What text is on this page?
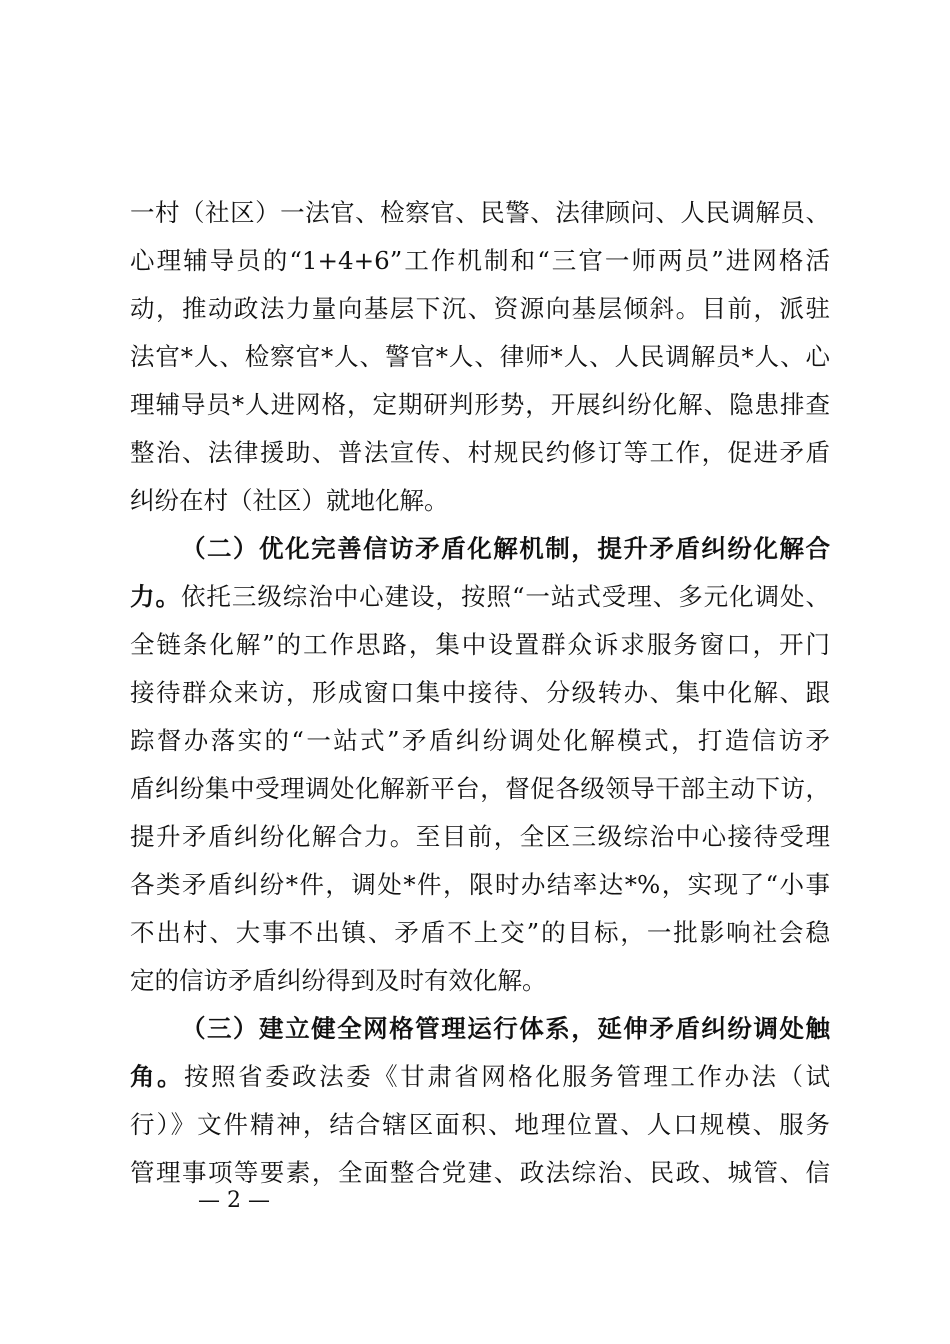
一村（社区）一法官、检察官、民警、法律顾问、人民调解员、
心理辅导员的“1+4+6”工作机制和“三官一师两员”进网格活
动，推动政法力量向基层下沉、资源向基层倾斜。目前，派驻
法官*人、检察官*人、警官*人、律师*人、人民调解员*人、心
理辅导员*人进网格，定期研判形势，开展纠纷化解、隐患排查
整治、法律援助、普法宣传、村规民约修订等工作，促进矛盾
纠纷在村（社区）就地化解。
（二）优化完善信访矛盾化解机制，提升矛盾纠纷化解合
力。依托三级综治中心建设，按照“一站式受理、多元化调处、
全链条化解”的工作思路，集中设置群众诉求服务窗口，开门
接待群众来访，形成窗口集中接待、分级转办、集中化解、跟
踪督办落实的“一站式”矛盾纠纷调处化解模式，打造信访矛
盾纠纷集中受理调处化解新平台，督促各级领导干部主动下访，
提升矛盾纠纷化解合力。至目前，全区三级综治中心接待受理
各类矛盾纠纷*件，调处*件，限时办结率达*%，实现了“小事
不出村、大事不出镇、矛盾不上交”的目标，一批影响社会稳
定的信访矛盾纠纷得到及时有效化解。
（三）建立健全网格管理运行体系，延伸矛盾纠纷调处触
角。按照省委政法委《甘肃省网格化服务管理工作办法（试
行）》文件精神，结合辖区面积、地理位置、人口规模、服务
管理事项等要素，全面整合党建、政法综治、民政、城管、信
— 2 —
